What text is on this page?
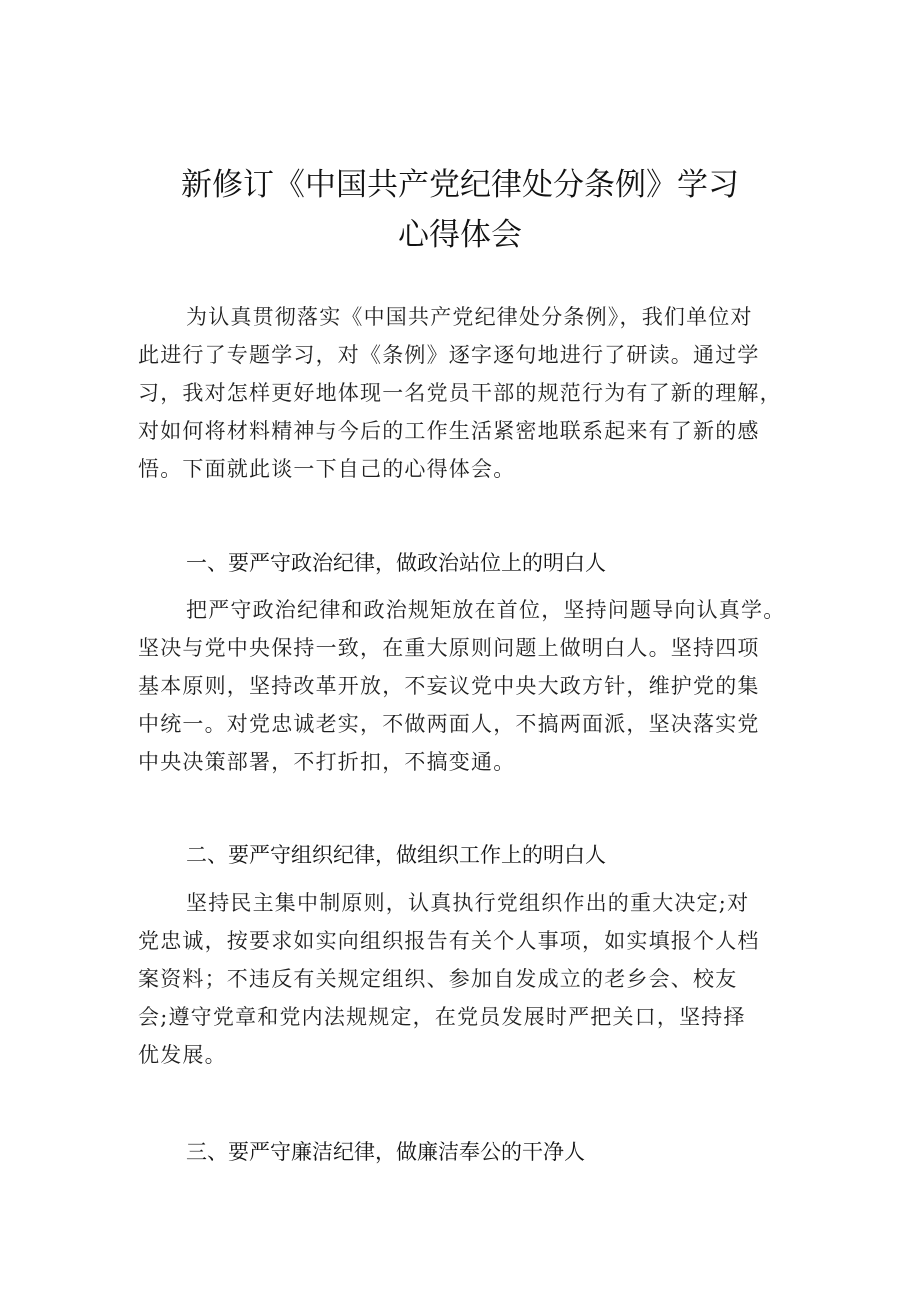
新修订《中国共产党纪律处分条例》学习
心得体会
为认真贯彻落实《中国共产党纪律处分条例》，我们单位对
此进行了专题学习，对《条例》逐字逐句地进行了研读。通过学
习，我对怎样更好地体现一名党员干部的规范行为有了新的理解，
对如何将材料精神与今后的工作生活紧密地联系起来有了新的感
悟。下面就此谈一下自己的心得体会。
一、要严守政治纪律，做政治站位上的明白人
把严守政治纪律和政治规矩放在首位，坚持问题导向认真学。
坚决与党中央保持一致，在重大原则问题上做明白人。坚持四项
基本原则，坚持改革开放，不妄议党中央大政方针，维护党的集
中统一。对党忠诚老实，不做两面人，不搞两面派，坚决落实党
中央决策部署，不打折扣，不搞变通。
二、要严守组织纪律，做组织工作上的明白人
坚持民主集中制原则，认真执行党组织作出的重大决定;对
党忠诚，按要求如实向组织报告有关个人事项，如实填报个人档
案资料；不违反有关规定组织、参加自发成立的老乡会、校友
会;遵守党章和党内法规规定，在党员发展时严把关口，坚持择
优发展。
三、要严守廉洁纪律，做廉洁奉公的干净人
